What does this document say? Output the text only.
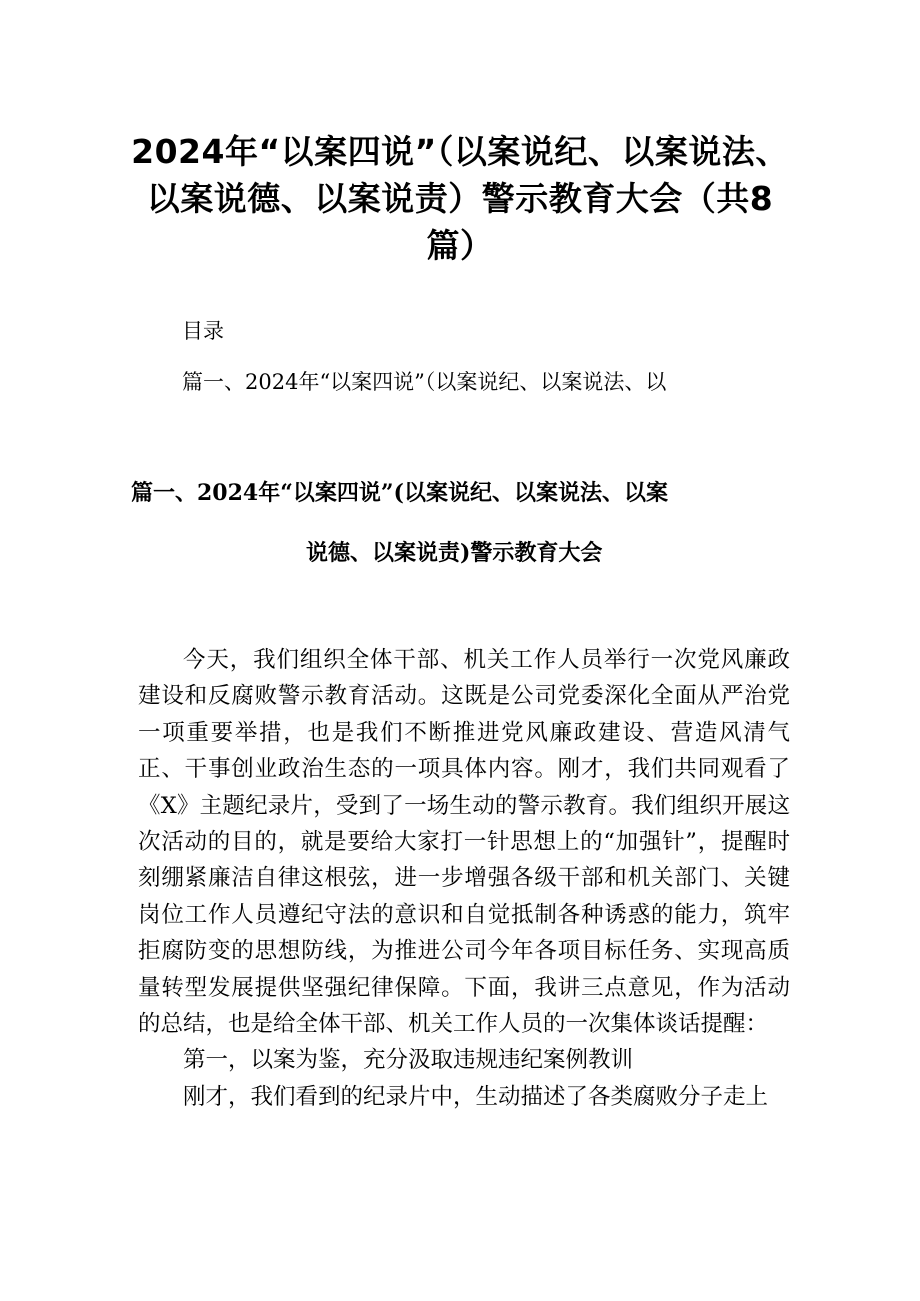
2024年“以案四说”（以案说纪、以案说法、
以案说德、以案说责）警示教育大会（共8
篇）
目录
篇一、2024年“以案四说”（以案说纪、以案说法、以
篇一、2024年“以案四说”(以案说纪、以案说法、以案
说德、以案说责)警示教育大会

今天，我们组织全体干部、机关工作人员举行一次党风廉政建设和反腐败警示教育活动。这既是公司党委深化全面从严治党一项重要举措，也是我们不断推进党风廉政建设、营造风清气正、干事创业政治生态的一项具体内容。刚才，我们共同观看了《X》主题纪录片，受到了一场生动的警示教育。我们组织开展这次活动的目的，就是要给大家打一针思想上的“加强针”，提醒时刻绷紧廉洁自律这根弦，进一步增强各级干部和机关部门、关键岗位工作人员遵纪守法的意识和自觉抵制各种诱惑的能力，筑牢拒腐防变的思想防线，为推进公司今年各项目标任务、实现高质量转型发展提供坚强纪律保障。下面，我讲三点意见，作为活动的总结，也是给全体干部、机关工作人员的一次集体谈话提醒：

第一，以案为鉴，充分汲取违规违纪案例教训

刚才，我们看到的纪录片中，生动描述了各类腐败分子走上
